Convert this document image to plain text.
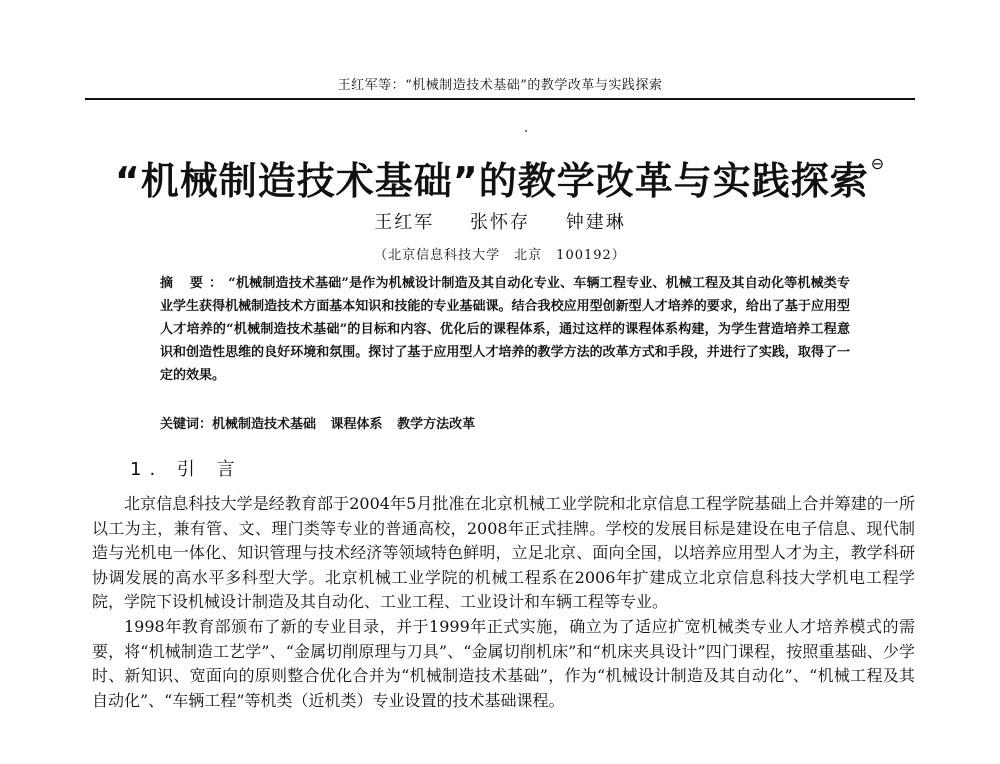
王红军等：“机械制造技术基础”的教学改革与实践探索
“机械制造技术基础”的教学改革与实践探索 ⊖
王红军 张怀存 钟建琳
（北京信息科技大学　北京　100192）
摘 要：“机械制造技术基础”是作为机械设计制造及其自动化专业、车辆工程专业、机械工程及其自动化等机械类专业学生获得机械制造技术方面基本知识和技能的专业基础课。结合我校应用型创新型人才培养的要求，给出了基于应用型人才培养的“机械制造技术基础”的目标和内容、优化后的课程体系，通过这样的课程体系构建，为学生营造培养工程意识和创造性思维的良好环境和氛围。探讨了基于应用型人才培养的教学方法的改革方式和手段，并进行了实践，取得了一定的效果。
关键词：机械制造技术基础 课程体系 教学方法改革
1. 引 言

北京信息科技大学是经教育部于2004年5月批准在北京机械工业学院和北京信息工程学院基础上合并筹建的一所以工为主，兼有管、文、理门类等专业的普通高校，2008年正式挂牌。学校的发展目标是建设在电子信息、现代制造与光机电一体化、知识管理与技术经济等领域特色鲜明，立足北京、面向全国，以培养应用型人才为主，教学科研协调发展的高水平多科型大学。北京机械工业学院的机械工程系在2006年扩建成立北京信息科技大学机电工程学院，学院下设机械设计制造及其自动化、工业工程、工业设计和车辆工程等专业。

1998年教育部颁布了新的专业目录，并于1999年正式实施，确立为了适应扩宽机械类专业人才培养模式的需要，将“机械制造工艺学”、“金属切削原理与刀具”、“金属切削机床”和“机床夹具设计”四门课程，按照重基础、少学时、新知识、宽面向的原则整合优化合并为“机械制造技术基础”，作为“机械设计制造及其自动化”、“机械工程及其自动化”、“车辆工程”等机类（近机类）专业设置的技术基础课程。
